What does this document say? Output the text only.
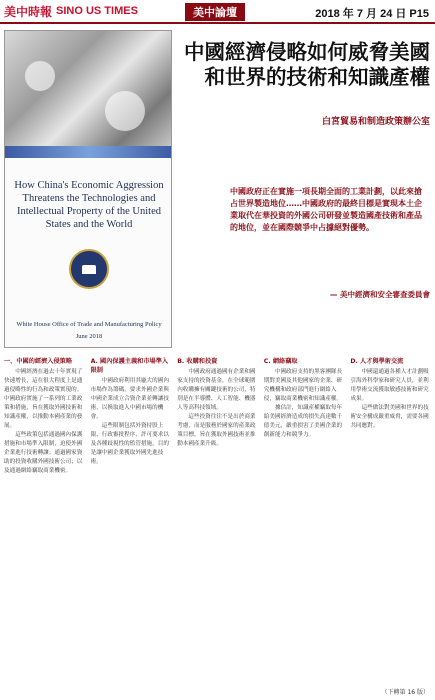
美中時報 SINO US TIMES	美中論壇	2018 年 7 月 24 日 P15
How China's Economic Aggression Threatens the Technologies and Intellectual Property of the United States and the World
White House Office of Trade and Manufacturing Policy
June 2018
中國經濟侵略如何威脅美國和世界的技術和知識產權
白宮貿易和制造政策辦公室
中國政府正在實施一項長期全面的工業計劃，以此來搶占世界製造地位……中國政府的最終目標是實現本土企業取代在華投資的外國公司研發並製造國產技術和產品的地位，並在國際競爭中占據絕對優勢。
— 美中經濟和安全審查委員會
一、中國的經濟入侵策略

中國經濟在過去十年實現了快速增長，這在很大程度上是通過侵略性的行為和政策實現的。中國政府實施了一系列的工業政策和措施，旨在獲取外國技術和知識產權，以推動本國產業的發展。

這些政策包括通過國內保護措施和市場準入限制，迫使外國企業進行技術轉讓；通過國家資助的投資收購外國技術公司；以及通過網絡竊取商業機密。

A. 國內保護主義和市場準入限制

中國政府利用其龐大的國內市場作為籌碼，要求外國企業與中國企業成立合資企業並轉讓技術，以換取進入中國市場的機會。

這些限制包括外資持股上限、行政審批程序、許可要求以及各種歧視性的監管措施，目的是讓中國企業獲取外國先進技術。

B. 收購和投資

中國政府通過國有企業和國家支持的投資基金，在全球範圍內收購擁有關鍵技術的公司，特別是在半導體、人工智能、機器人等高科技領域。

這些投資往往不是出於商業考慮，而是服務於國家的產業政策目標，旨在獲取外國技術並推動本國產業升級。

C. 網絡竊取

中國政府支持的黑客團隊長期對美國及其他國家的企業、研究機構和政府部門進行網絡入侵，竊取商業機密和知識產權。

據估計，知識產權竊取每年給美國經濟造成的損失高達數千億美元，嚴重損害了美國企業的創新能力和競爭力。

D. 人才與學術交流

中國還通過各種人才計劃吸引海外科學家和研究人員，並利用學術交流獲取敏感技術和研究成果。

這些做法對美國和世界的技術安全構成嚴重威脅，需要各國共同應對。

（下轉第 16 版）
